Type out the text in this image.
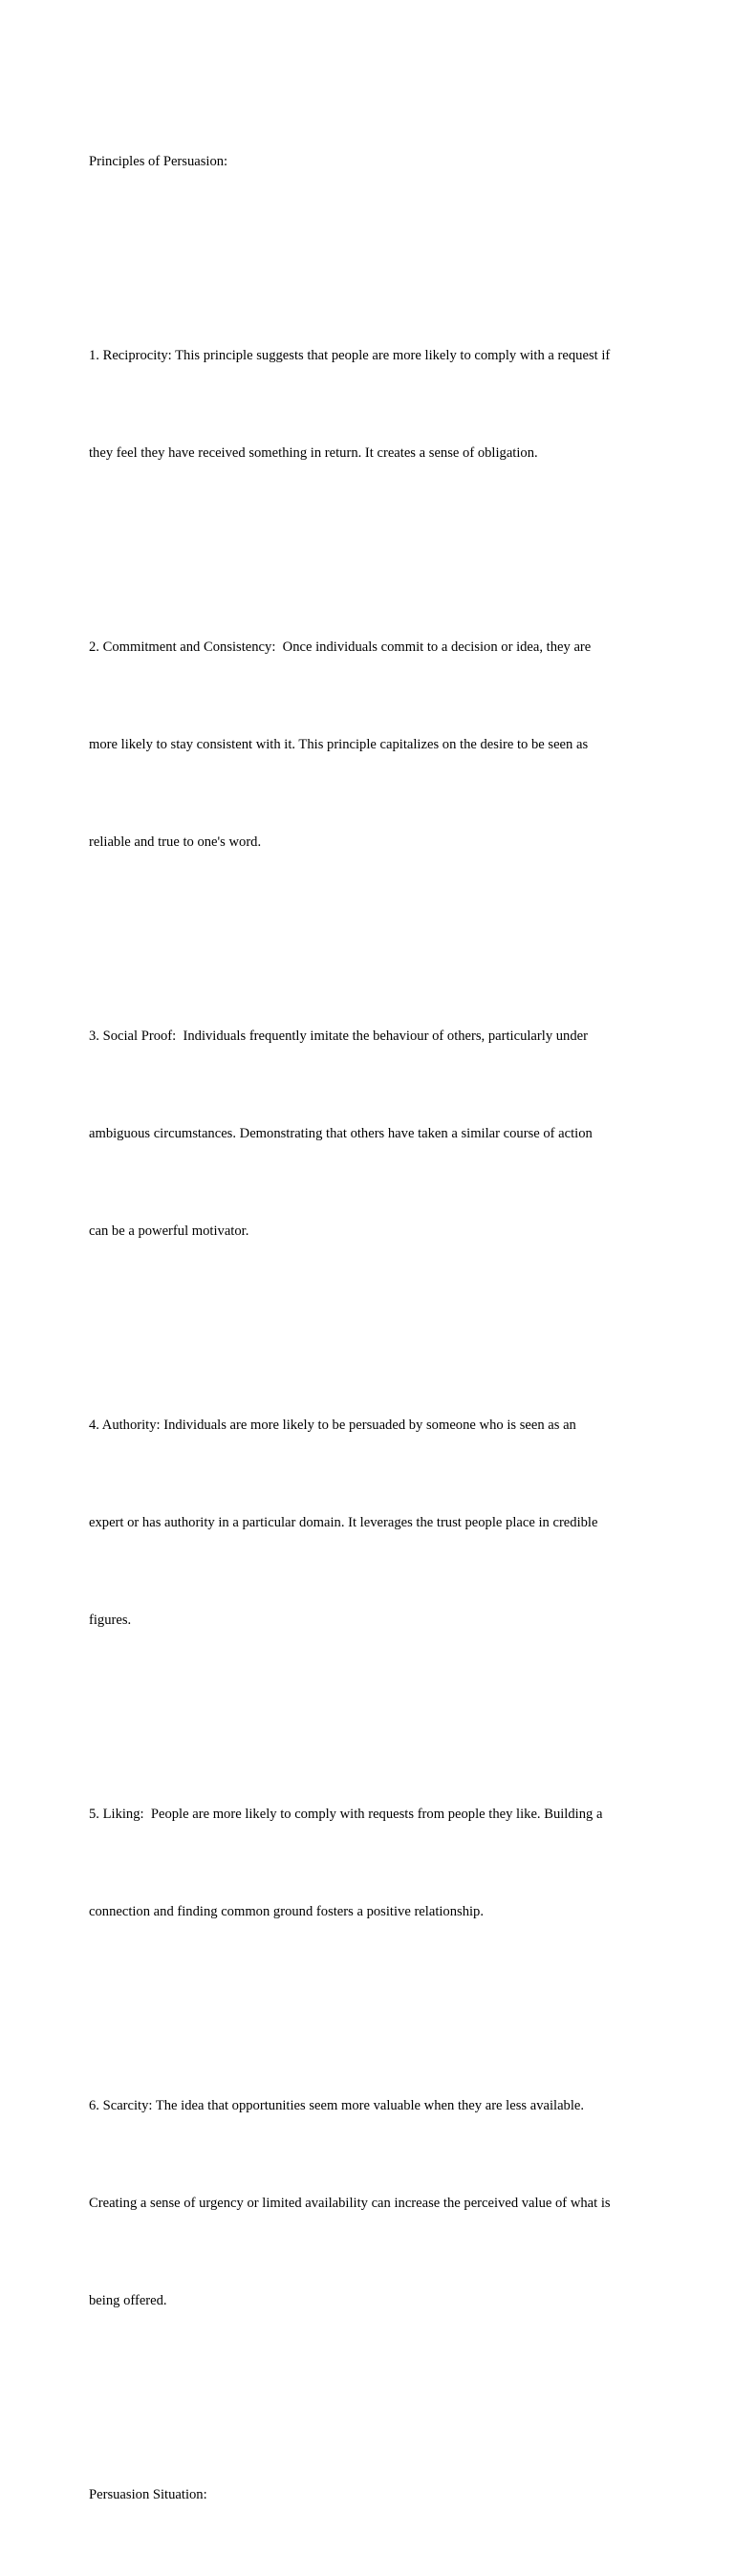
Principles of Persuasion:

1. Reciprocity: This principle suggests that people are more likely to comply with a request if

they feel they have received something in return. It creates a sense of obligation.

2. Commitment and Consistency:  Once individuals commit to a decision or idea, they are

more likely to stay consistent with it. This principle capitalizes on the desire to be seen as

reliable and true to one's word.

3. Social Proof:  Individuals frequently imitate the behaviour of others, particularly under

ambiguous circumstances. Demonstrating that others have taken a similar course of action

can be a powerful motivator.

4. Authority: Individuals are more likely to be persuaded by someone who is seen as an

expert or has authority in a particular domain. It leverages the trust people place in credible

figures.

5. Liking:  People are more likely to comply with requests from people they like. Building a

connection and finding common ground fosters a positive relationship.

6. Scarcity: The idea that opportunities seem more valuable when they are less available.

Creating a sense of urgency or limited availability can increase the perceived value of what is

being offered.

Persuasion Situation:
